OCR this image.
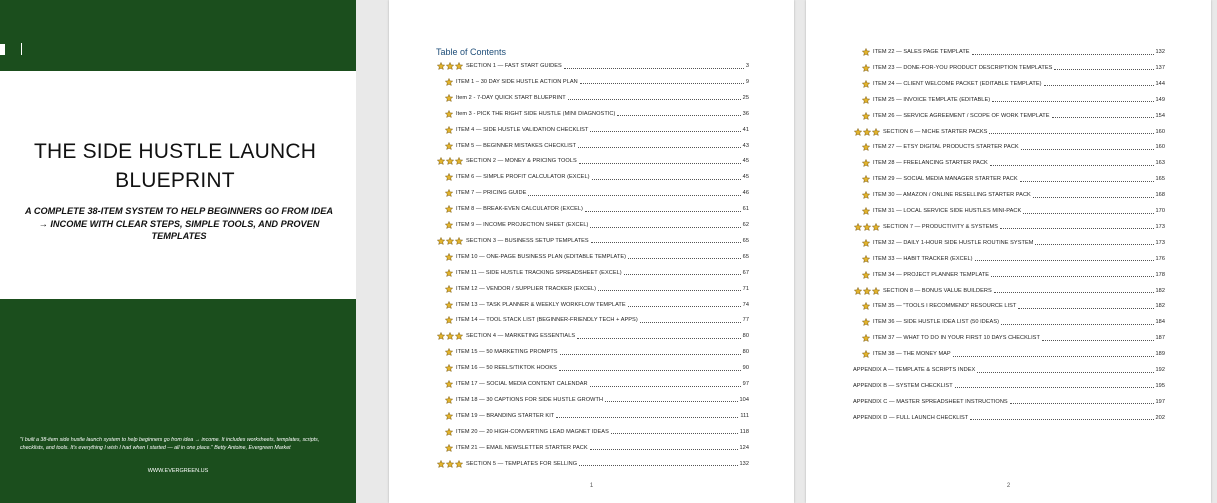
THE SIDE HUSTLE LAUNCH BLUEPRINT
A COMPLETE 38-ITEM SYSTEM TO HELP BEGINNERS GO FROM IDEA → INCOME WITH CLEAR STEPS, SIMPLE TOOLS, AND PROVEN TEMPLATES
"I built a 38-item side hustle launch system to help beginners go from idea → income. It includes worksheets, templates, scripts, checklists, and tools. It's everything I wish I had when I started — all in one place." Betty Antoine, Evergreen Market
WWW.EVERGREEN.US
Table of Contents
SECTION 1 — FAST START GUIDES	3
ITEM 1 – 30 DAY SIDE HUSTLE ACTION PLAN	9
Item 2 - 7-DAY QUICK START BLUEPRINT	25
Item 3 - PICK THE RIGHT SIDE HUSTLE (MINI DIAGNOSTIC)	36
ITEM 4 — SIDE HUSTLE VALIDATION CHECKLIST	41
ITEM 5 — BEGINNER MISTAKES CHECKLIST	43
SECTION 2 — MONEY & PRICING TOOLS	45
ITEM 6 — SIMPLE PROFIT CALCULATOR (EXCEL)	45
ITEM 7 — PRICING GUIDE	46
ITEM 8 — BREAK-EVEN CALCULATOR (EXCEL)	61
ITEM 9 — INCOME PROJECTION SHEET (EXCEL)	62
SECTION 3 — BUSINESS SETUP TEMPLATES	65
ITEM 10 — ONE-PAGE BUSINESS PLAN (EDITABLE TEMPLATE)	65
ITEM 11 — SIDE HUSTLE TRACKING SPREADSHEET (EXCEL)	67
ITEM 12 — VENDOR / SUPPLIER TRACKER (EXCEL)	71
ITEM 13 — TASK PLANNER & WEEKLY WORKFLOW TEMPLATE	74
ITEM 14 — TOOL STACK LIST (BEGINNER-FRIENDLY TECH + APPS)	77
SECTION 4 — MARKETING ESSENTIALS	80
ITEM 15 — 50 MARKETING PROMPTS	80
ITEM 16 — 50 REELS/TIKTOK HOOKS	90
ITEM 17 — SOCIAL MEDIA CONTENT CALENDAR	97
ITEM 18 — 30 CAPTIONS FOR SIDE HUSTLE GROWTH	104
ITEM 19 — BRANDING STARTER KIT	111
ITEM 20 — 20 HIGH-CONVERTING LEAD MAGNET IDEAS	118
ITEM 21 — EMAIL NEWSLETTER STARTER PACK	124
SECTION 5 — TEMPLATES FOR SELLING	132
1
ITEM 22 — SALES PAGE TEMPLATE	132
ITEM 23 — DONE-FOR-YOU PRODUCT DESCRIPTION TEMPLATES	137
ITEM 24 — CLIENT WELCOME PACKET (EDITABLE TEMPLATE)	144
ITEM 25 — INVOICE TEMPLATE (EDITABLE)	149
ITEM 26 — SERVICE AGREEMENT / SCOPE OF WORK TEMPLATE	154
SECTION 6 — NICHE STARTER PACKS	160
ITEM 27 — ETSY DIGITAL PRODUCTS STARTER PACK	160
ITEM 28 — FREELANCING STARTER PACK	163
ITEM 29 — SOCIAL MEDIA MANAGER STARTER PACK	165
ITEM 30 — AMAZON / ONLINE RESELLING STARTER PACK	168
ITEM 31 — LOCAL SERVICE SIDE HUSTLES MINI-PACK	170
SECTION 7 — PRODUCTIVITY & SYSTEMS	173
ITEM 32 — DAILY 1-HOUR SIDE HUSTLE ROUTINE SYSTEM	173
ITEM 33 — HABIT TRACKER (EXCEL)	176
ITEM 34 — PROJECT PLANNER TEMPLATE	178
SECTION 8 — BONUS VALUE BUILDERS	182
ITEM 35 — "TOOLS I RECOMMEND" RESOURCE LIST	182
ITEM 36 — SIDE HUSTLE IDEA LIST (50 IDEAS)	184
ITEM 37 — WHAT TO DO IN YOUR FIRST 10 DAYS CHECKLIST	187
ITEM 38 — THE MONEY MAP	189
APPENDIX A — TEMPLATE & SCRIPTS INDEX	192
APPENDIX B — SYSTEM CHECKLIST	195
APPENDIX C — MASTER SPREADSHEET INSTRUCTIONS	197
APPENDIX D — FULL LAUNCH CHECKLIST	202
2
